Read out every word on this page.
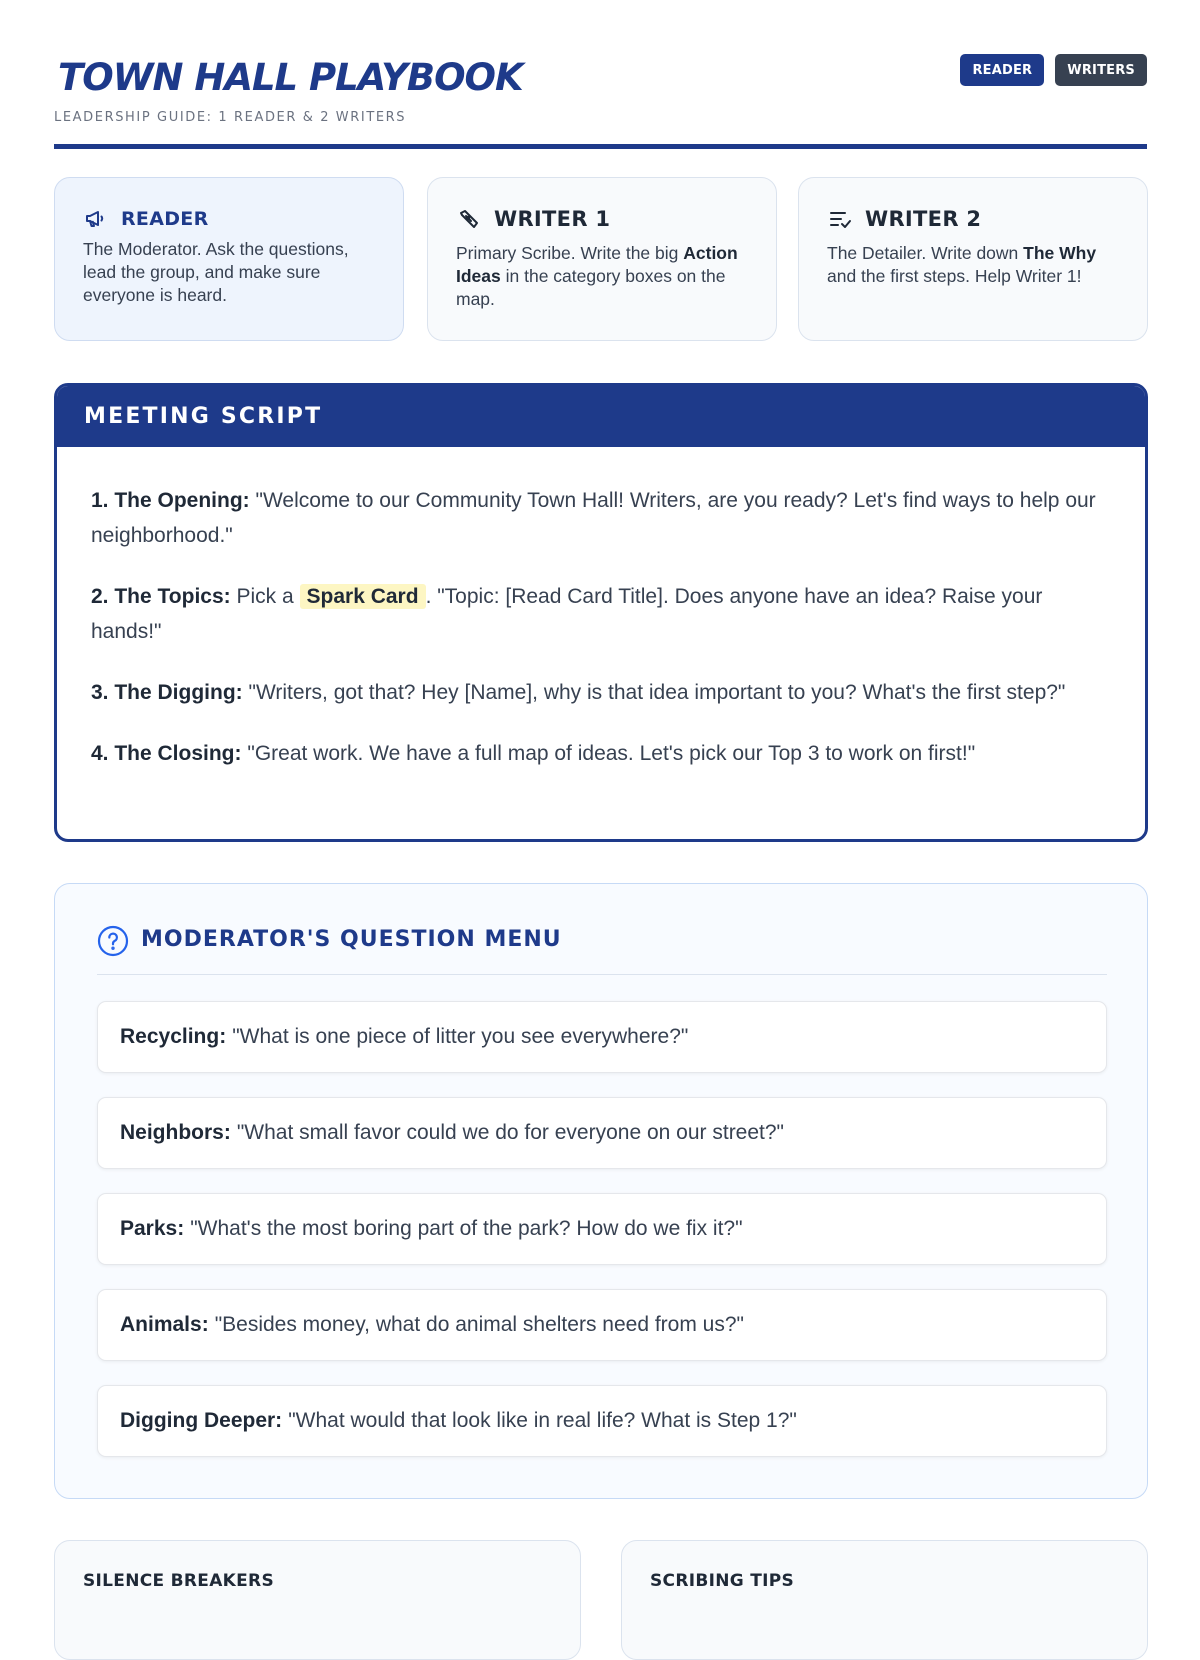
TOWN HALL PLAYBOOK
LEADERSHIP GUIDE: 1 READER & 2 WRITERS
READER	WRITERS
READER
The Moderator. Ask the questions, lead the group, and make sure everyone is heard.
WRITER 1
Primary Scribe. Write the big Action Ideas in the category boxes on the map.
WRITER 2
The Detailer. Write down The Why and the first steps. Help Writer 1!
MEETING SCRIPT

1. The Opening: "Welcome to our Community Town Hall! Writers, are you ready? Let's find ways to help our neighborhood."

2. The Topics: Pick a Spark Card . "Topic: [Read Card Title]. Does anyone have an idea? Raise your hands!"

3. The Digging: "Writers, got that? Hey [Name], why is that idea important to you? What's the first step?"

4. The Closing: "Great work. We have a full map of ideas. Let's pick our Top 3 to work on first!"

MODERATOR'S QUESTION MENU
Recycling: "What is one piece of litter you see everywhere?"
Neighbors: "What small favor could we do for everyone on our street?"
Parks: "What's the most boring part of the park? How do we fix it?"
Animals: "Besides money, what do animal shelters need from us?"
Digging Deeper: "What would that look like in real life? What is Step 1?"
SILENCE BREAKERS	SCRIBING TIPS
